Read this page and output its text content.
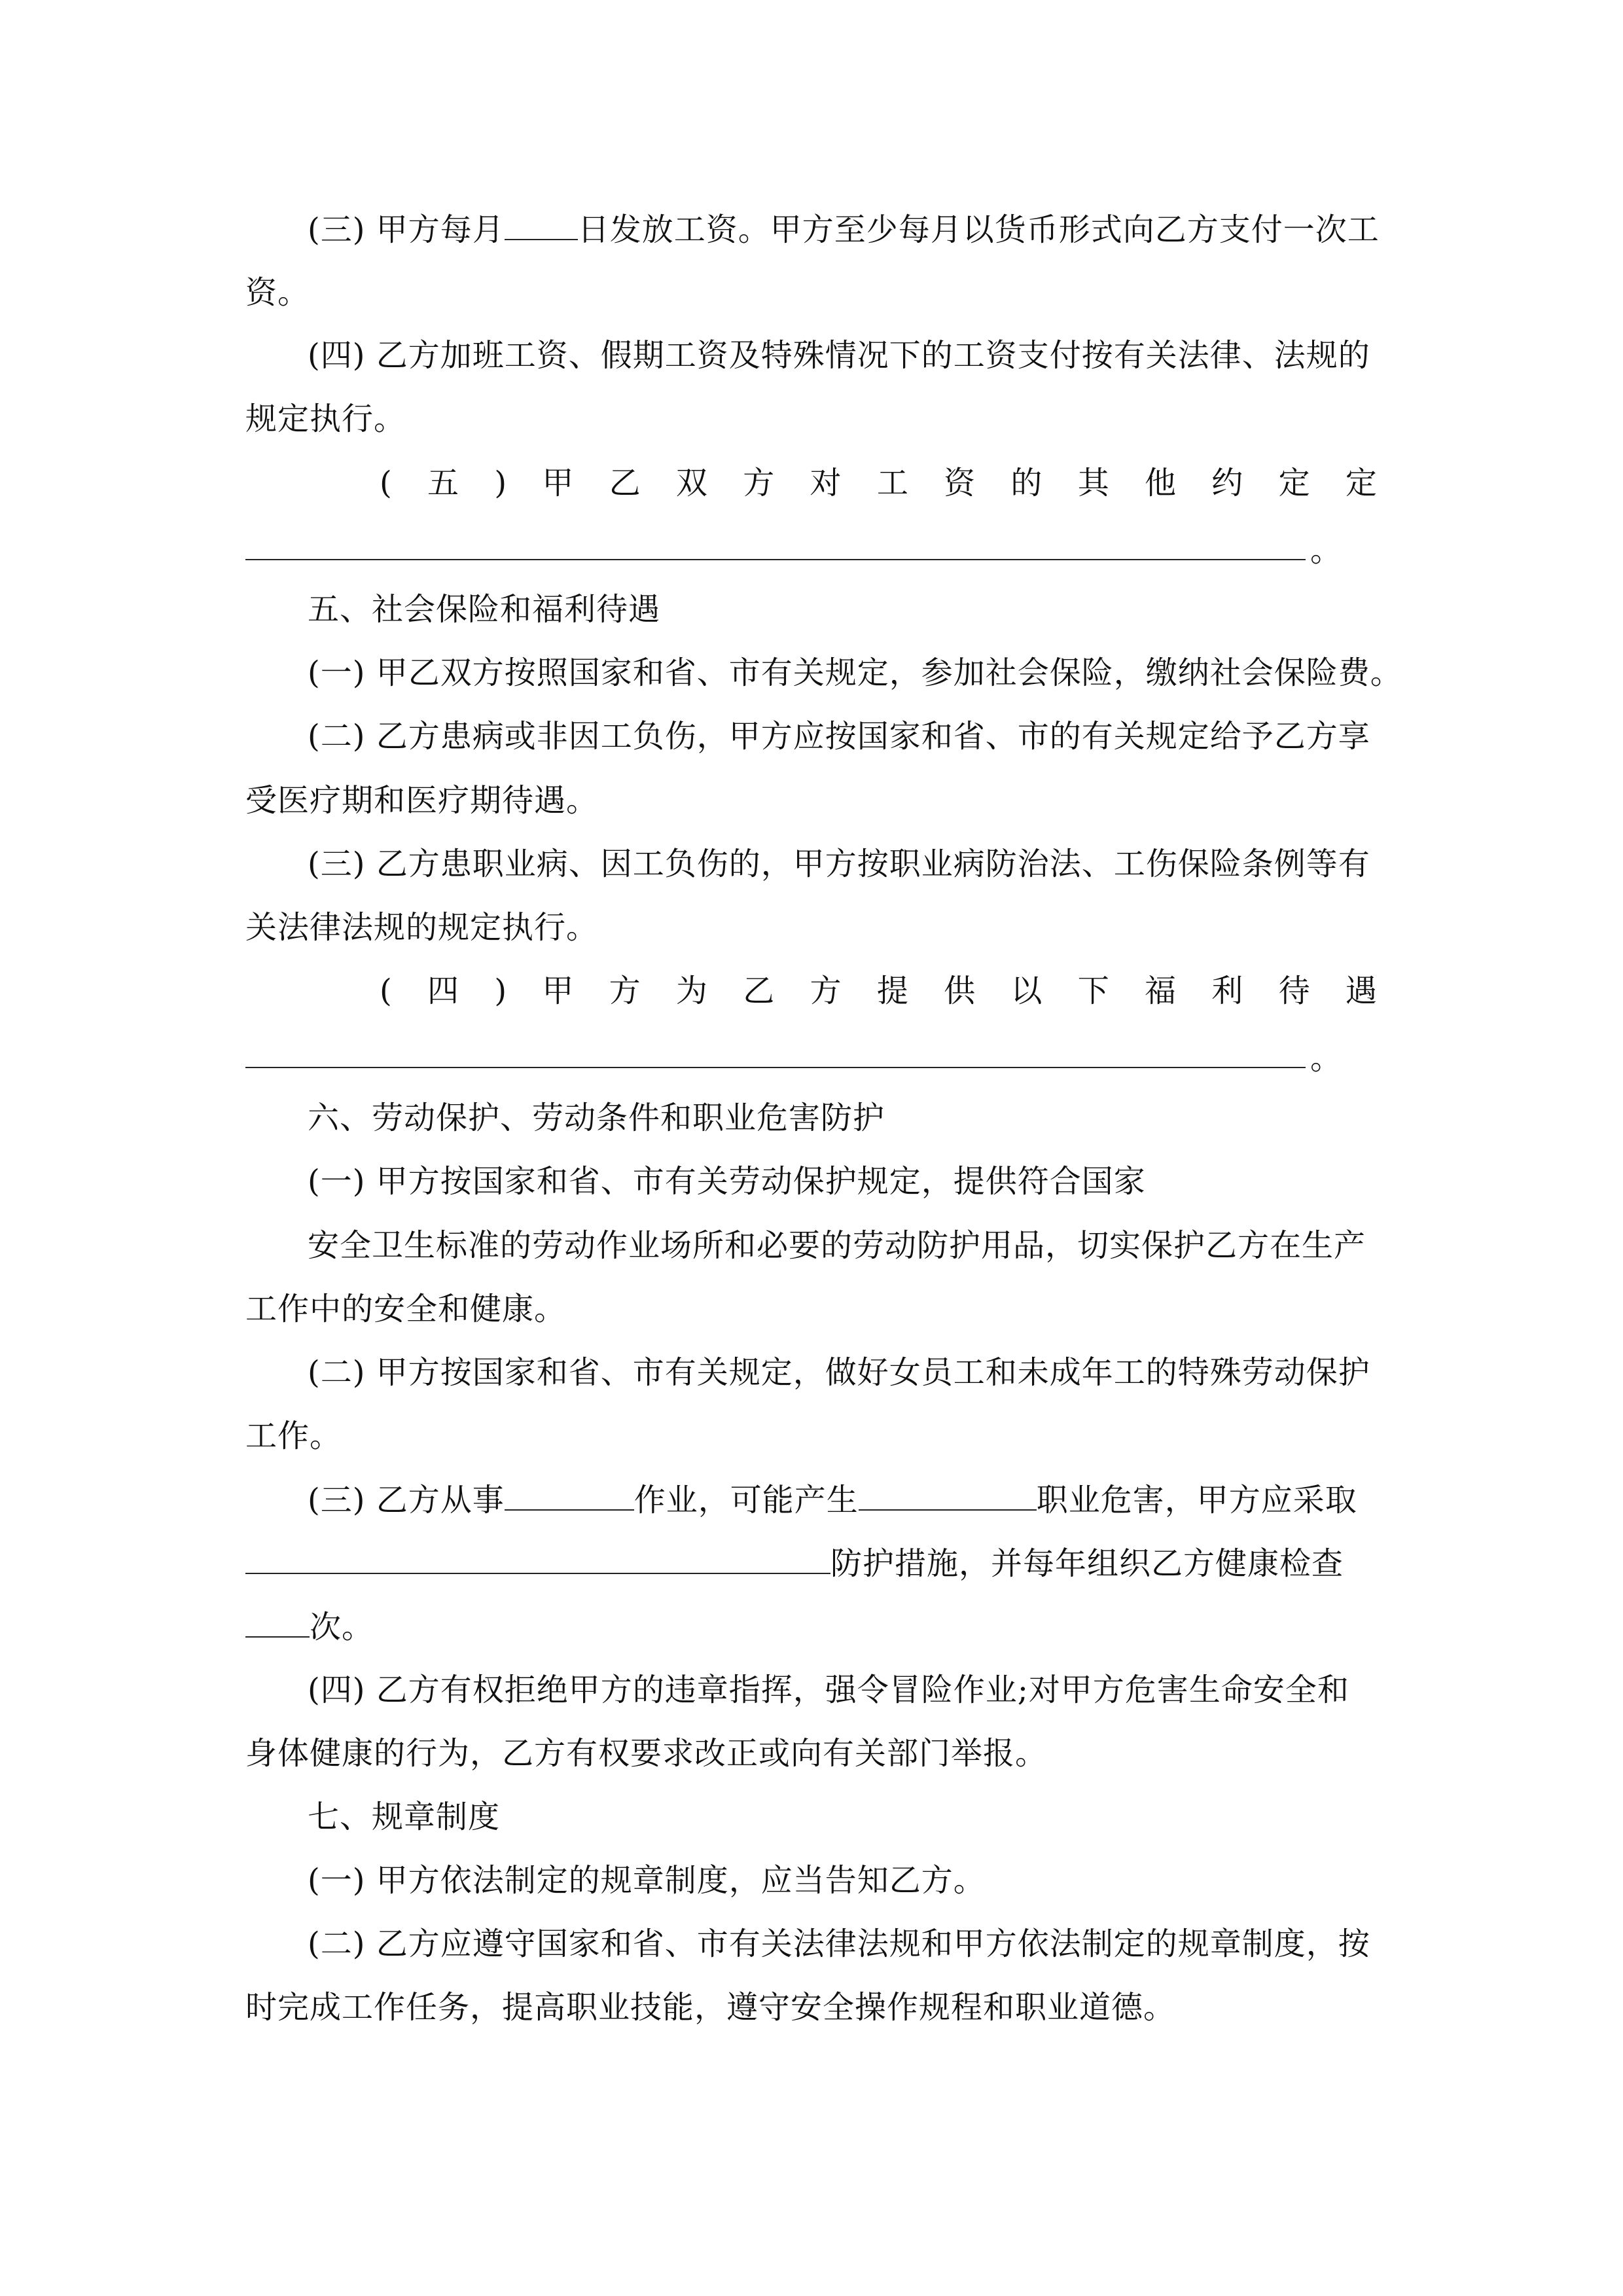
(三) 甲方每月 日发放工资。甲方至少每月以货币形式向乙方支付一次工
资。
(四) 乙方加班工资、假期工资及特殊情况下的工资支付按有关法律、法规的
规定执行。
( 五 ) 甲 乙 双 方 对 工 资 的 其 他 约 定 定
。
五、社会保险和福利待遇
(一) 甲乙双方按照国家和省、市有关规定，参加社会保险，缴纳社会保险费。
(二) 乙方患病或非因工负伤，甲方应按国家和省、市的有关规定给予乙方享
受医疗期和医疗期待遇。
(三) 乙方患职业病、因工负伤的，甲方按职业病防治法、工伤保险条例等有
关法律法规的规定执行。
( 四 ) 甲 方 为 乙 方 提 供 以 下 福 利 待 遇
。
六、劳动保护、劳动条件和职业危害防护
(一) 甲方按国家和省、市有关劳动保护规定，提供符合国家
安全卫生标准的劳动作业场所和必要的劳动防护用品，切实保护乙方在生产
工作中的安全和健康。
(二) 甲方按国家和省、市有关规定，做好女员工和未成年工的特殊劳动保护
工作。
(三) 乙方从事	作业，可能产生	职业危害，甲方应采取
防护措施，并每年组织乙方健康检查
次。
(四) 乙方有权拒绝甲方的违章指挥，强令冒险作业;对甲方危害生命安全和
身体健康的行为，乙方有权要求改正或向有关部门举报。
七、规章制度
(一) 甲方依法制定的规章制度，应当告知乙方。
(二) 乙方应遵守国家和省、市有关法律法规和甲方依法制定的规章制度，按
时完成工作任务，提高职业技能，遵守安全操作规程和职业道德。
